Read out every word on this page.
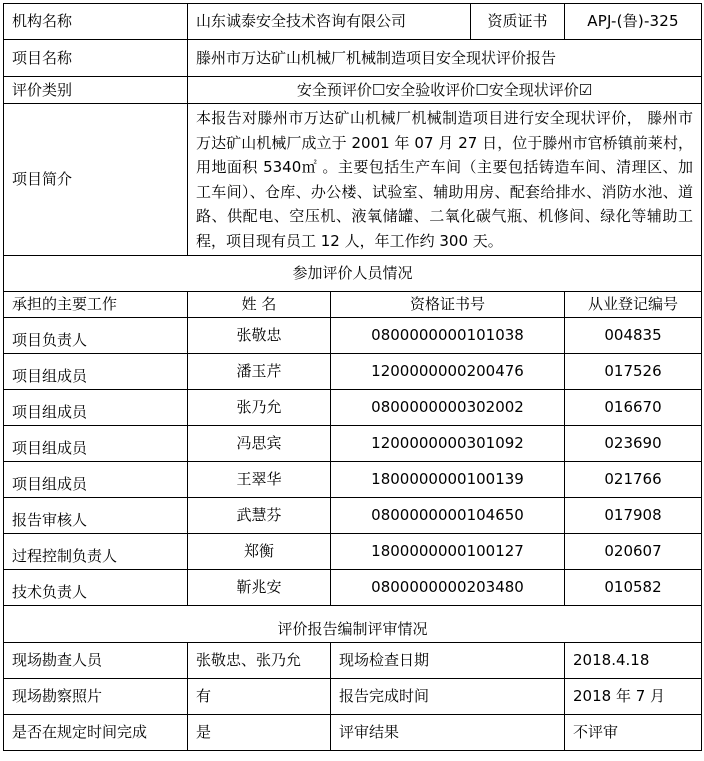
机构名称	山东诚泰安全技术咨询有限公司		资质证书	APJ-(鲁)-325
项目名称	滕州市万达矿山机械厂机械制造项目安全现状评价报告			
评价类别	安全预评价☐安全验收评价☐安全现状评价☑			
项目简介	本报告对滕州市万达矿山机械厂机械制造项目进行安全现状评价， 滕州市万达矿山机械厂成立于 2001 年 07 月 27 日，位于滕州市官桥镇前莱村，用地面积 5340㎡ 。主要包括生产车间（主要包括铸造车间、清理区、加工车间）、仓库、办公楼、试验室、辅助用房、配套给排水、消防水池、道路、供配电、空压机、液氧储罐、二氧化碳气瓶、机修间、绿化等辅助工程，项目现有员工 12 人，年工作约 300 天。			
参加评价人员情况				
承担的主要工作	姓 名	资格证书号		从业登记编号
项目负责人	张敬忠	0800000000101038		004835
项目组成员	潘玉芹	1200000000200476		017526
项目组成员	张乃允	0800000000302002		016670
项目组成员	冯思宾	1200000000301092		023690
项目组成员	王翠华	1800000000100139		021766
报告审核人	武慧芬	0800000000104650		017908
过程控制负责人	郑衡	1800000000100127		020607
技术负责人	靳兆安	0800000000203480		010582
评价报告编制评审情况				
现场勘查人员	张敬忠、张乃允	现场检查日期		2018.4.18
现场勘察照片	有	报告完成时间		2018 年 7 月
是否在规定时间完成	是	评审结果		不评审
